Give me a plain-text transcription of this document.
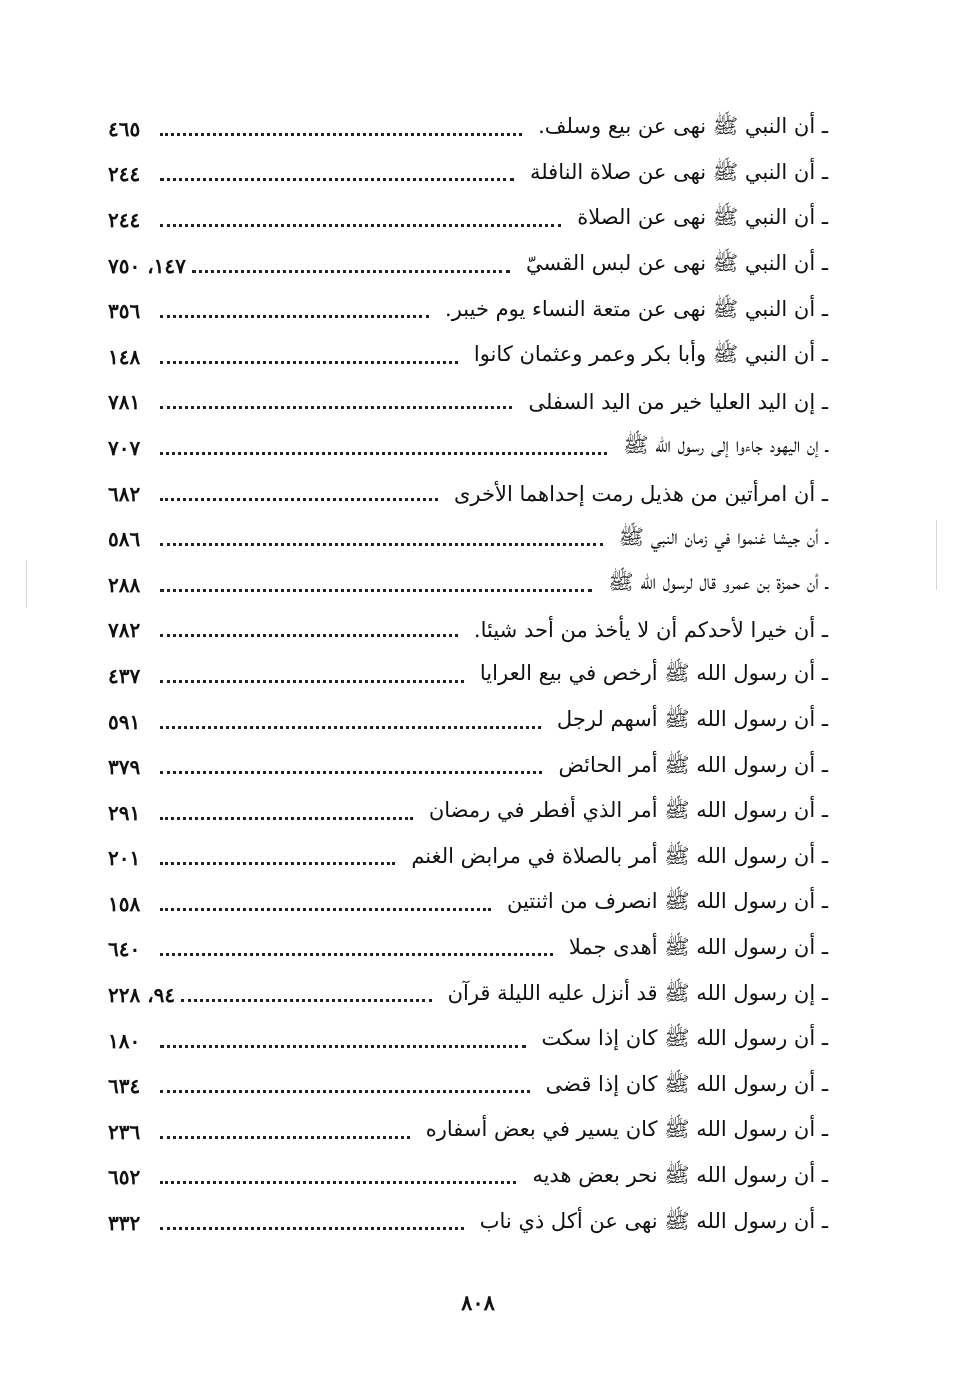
ـ أن النبي ﷺ نهى عن بيع وسلف.
٤٦٥
ـ أن النبي ﷺ نهى عن صلاة النافلة
٢٤٤
ـ أن النبي ﷺ نهى عن الصلاة
٢٤٤
ـ أن النبي ﷺ نهى عن لبس القسيّ
١٤٧، ٧٥٠
ـ أن النبي ﷺ نهى عن متعة النساء يوم خيبر.
٣٥٦
ـ أن النبي ﷺ وأبا بكر وعمر وعثمان كانوا
١٤٨
ـ إن اليد العليا خير من اليد السفلى
٧٨١
ـ إن اليهود جاءوا إلى رسول الله ﷺ
٧٠٧
ـ أن امرأتين من هذيل رمت إحداهما الأخرى
٦٨٢
ـ أن جيشا غنموا في زمان النبي ﷺ
٥٨٦
ـ أن حمزة بن عمرو قال لرسول الله ﷺ
٢٨٨
ـ أن خيرا لأحدكم أن لا يأخذ من أحد شيئا.
٧٨٢
ـ أن رسول الله ﷺ أرخص في بيع العرايا
٤٣٧
ـ أن رسول الله ﷺ أسهم لرجل
٥٩١
ـ أن رسول الله ﷺ أمر الحائض
٣٧٩
ـ أن رسول الله ﷺ أمر الذي أفطر في رمضان
٢٩١
ـ أن رسول الله ﷺ أمر بالصلاة في مرابض الغنم
٢٠١
ـ أن رسول الله ﷺ انصرف من اثنتين
١٥٨
ـ أن رسول الله ﷺ أهدى جملا
٦٤٠
ـ إن رسول الله ﷺ قد أنزل عليه الليلة قرآن
٩٤، ٢٢٨
ـ أن رسول الله ﷺ كان إذا سكت
١٨٠
ـ أن رسول الله ﷺ كان إذا قضى
٦٣٤
ـ أن رسول الله ﷺ كان يسير في بعض أسفاره
٢٣٦
ـ أن رسول الله ﷺ نحر بعض هديه
٦٥٢
ـ أن رسول الله ﷺ نهى عن أكل ذي ناب
٣٣٢
٨٠٨
